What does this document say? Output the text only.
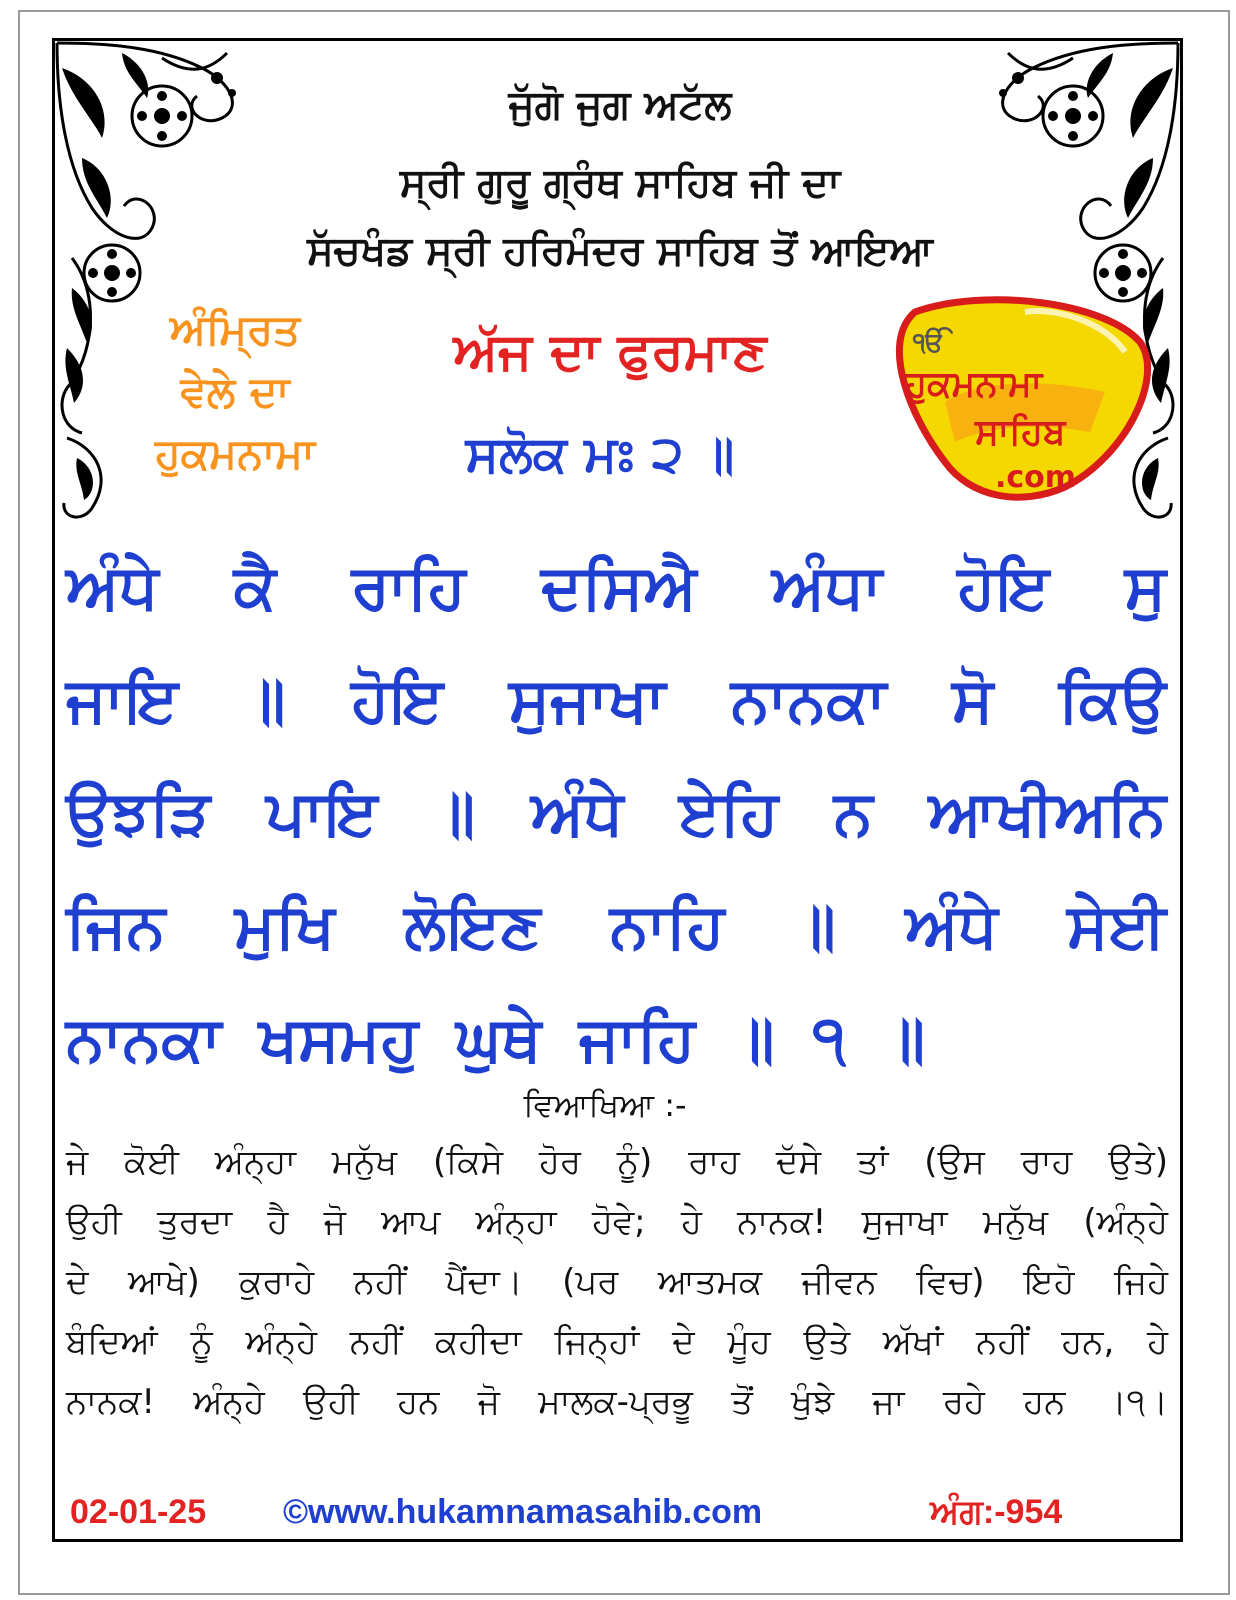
ਜੁੱਗੋ ਜੁਗ ਅਟੱਲ
ਸ੍ਰੀ ਗੁਰੂ ਗ੍ਰੰਥ ਸਾਹਿਬ ਜੀ ਦਾ
ਸੱਚਖੰਡ ਸ੍ਰੀ ਹਰਿਮੰਦਰ ਸਾਹਿਬ ਤੋਂ ਆਇਆ
ਅੰਮ੍ਰਿਤ
ਵੇਲੇ ਦਾ
ਹੁਕਮਨਾਮਾ
ਅੱਜ ਦਾ ਫੁਰਮਾਣ
ਸਲੋਕ ਮਃ ੨ ॥
ੴ
ਹੁਕਮਨਾਮਾ
ਸਾਹਿਬ
.com
ਅੰਧੇ ਕੈ ਰਾਹਿ ਦਸਿਐ ਅੰਧਾ ਹੋਇ ਸੁ
ਜਾਇ ॥ ਹੋਇ ਸੁਜਾਖਾ ਨਾਨਕਾ ਸੋ ਕਿਉ
ਉਝੜਿ ਪਾਇ ॥ ਅੰਧੇ ਏਹਿ ਨ ਆਖੀਅਨਿ
ਜਿਨ ਮੁਖਿ ਲੋਇਣ ਨਾਹਿ ॥ ਅੰਧੇ ਸੇਈ
ਨਾਨਕਾ ਖਸਮਹੁ ਘੁਥੇ ਜਾਹਿ ॥ ੧ ॥
ਵਿਆਖਿਆ :-
ਜੇ ਕੋਈ ਅੰਨ੍ਹਾ ਮਨੁੱਖ (ਕਿਸੇ ਹੋਰ ਨੂੰ) ਰਾਹ ਦੱਸੇ ਤਾਂ (ਉਸ ਰਾਹ ਉਤੇ)
ਉਹੀ ਤੁਰਦਾ ਹੈ ਜੋ ਆਪ ਅੰਨ੍ਹਾ ਹੋਵੇ; ਹੇ ਨਾਨਕ! ਸੁਜਾਖਾ ਮਨੁੱਖ (ਅੰਨ੍ਹੇ
ਦੇ ਆਖੇ) ਕੁਰਾਹੇ ਨਹੀਂ ਪੈਂਦਾ। (ਪਰ ਆਤਮਕ ਜੀਵਨ ਵਿਚ) ਇਹੋ ਜਿਹੇ
ਬੰਦਿਆਂ ਨੂੰ ਅੰਨ੍ਹੇ ਨਹੀਂ ਕਹੀਦਾ ਜਿਨ੍ਹਾਂ ਦੇ ਮੂੰਹ ਉਤੇ ਅੱਖਾਂ ਨਹੀਂ ਹਨ, ਹੇ
ਨਾਨਕ! ਅੰਨ੍ਹੇ ਉਹੀ ਹਨ ਜੋ ਮਾਲਕ-ਪ੍ਰਭੂ ਤੋਂ ਖੁੰਝੇ ਜਾ ਰਹੇ ਹਨ ।੧।
02-01-25 ©www.hukamnamasahib.com	ਅੰਗ:-954
